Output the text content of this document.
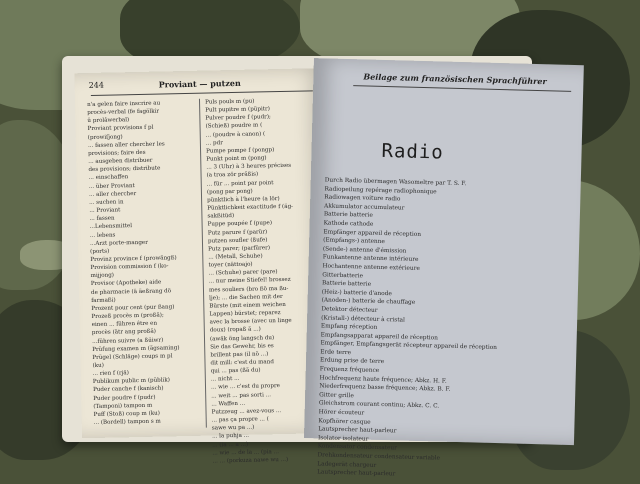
244	Proviant — putzen

n'a gelen faire inscrire au

procès-verbal (fe fagölkir

ü prolâwerbal)

Proviant provisions f pl

(prowiſjong)

... fassen aller chercher les

provisions; faire des

... ausgeben distribuer

des provisions; distribute

... einschaffen

... über Proviant

... aller chercher

... suchen in

... Proviant

... fassen

...Lebensmittel

... lebens

...Arzt porte-manger

(ports)

Provinz province f (prowängß)

Provision commission f (ko-

mijjong)

Provisor (Apotheke) aide

de pharmacie (ä äeßrang dö

farmaßi)

Prozent pour cent (pur ßang)

Prozeß procès m (proßä);

einen ... führen être en

procès (ätr ang proßä)

...führen suivre (a ßüiwr)

Prüfung examen m (ägsaming)

Prügel (Schläge) coups m pl

(ku)

... rien f (rjä)

Publikum public m (püblik)

Puder canche f (kanisch)

Puder poudre f (pudr)

(Tamponi) tampon m

Puff (Stoß) coup m (ku)

... (Bordell) tampon s m

Puls pouls m (pu)

Pult pupitre m (püpitr)

Pulver poudre f (pudr);

(Schieß) poudre m (

... (poudre à canon) (

... pdr

Pumpe pompe f (pongp)

Punkt point m (pong)

... 3 (Uhr) à 3 heures précises

(a troa zör präßis)

... für ... point par point

(pong par pong)

pünktlich à l'heure (a lör)

Pünktlichkeit exactitude f (äg-

sakßitüd)

Puppe poupée f (pupe)

Putz parure f (parür)

putzen soufler (ßufe)

Putz parer; (parfürer)

... (Metall, Schuhe)

toyer (nättoajo)

... (Schuhe) parer (pare)

... nur meine Stiefel! brossez

mes souliers (bro ßö ma ßu-

lje); ... die Sachen mit der

Bürste (mit einem weichen

Lappen) bürstet; reparez

avec la brosse (avec un linge

doux) (ropaß ä ...)

(awäk öng langsch du)

Sie das Gewehr, bis es

brillent pas (il nö ...)

dit mill: c'est du mand

qui ... pas (ßä du)

... nicht ...

... wie ... c'est du propre

... weit ... pas sorti ...

... Waffen ...

Putzzeug ... avez-vous ...

... pas ça propre ... (

sawe wu pa ...)

... la puhja ...

... (la ... a ...)

... wie ... de la ... (pia ...

... ... (porkuza nawe wu ...)

Beilage zum französischen Sprachführer
Radio

Durch Radio übermagen Wasomeltre par T. S. F.

Radiopeilung repérage radiophonique

Radiowagen voiture radio

Akkumulator accumulateur

Batterie batterie

Kathode cathode

Empfänger appareil de réception

(Empfangs-) antenne

(Sende-) antenne d'émission

Funkantenne antenne intérieure

Hochantenne antenne extérieure

Gitterbatterie

Batterie batterie

(Heiz-) batterie d'anode

(Anoden-) batterie de chauffage

Detektor détecteur

(Kristall-) détecteur à cristal

Empfang réception

Empfangsapparat appareil de réception

Empfänger, Empfangsgerät récepteur appareil de réception

Erde terre

Erdung prise de terre

Frequenz fréquence

Hochfrequenz haute fréquence; Abkz. H. F.

Niederfrequenz basse fréquence; Abkz. B. F.

Gitter grille

Gleichstrom courant continu; Abkz. C. C.

Hörer écouteur

Kopfhörer casque

Lautsprecher haut-parleur

Isolator isolateur

Kondensator condensateur

Drehkondensateur condensateur variable

Ladegerät chargeur

Lautsprecher haut-parleur
